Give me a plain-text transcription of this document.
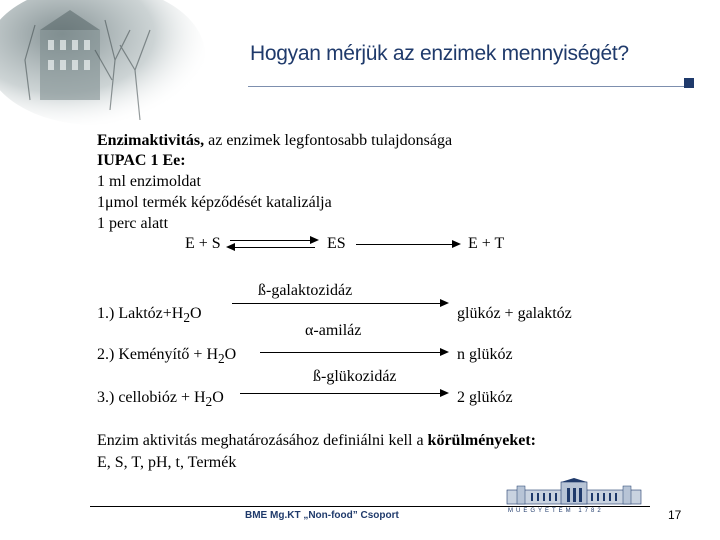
Hogyan mérjük az enzimek mennyiségét?
Enzimaktivitás, az enzimek legfontosabb tulajdonsága
IUPAC 1 Ee:
1 ml enzimoldat
1μmol termék képződését katalizálja
1 perc alatt
E + S	ES	E + T
ß-galaktozidáz
1.) $Laktóz+H_2O$	glükóz + galaktóz
α-amiláz
2.) Keményítő + $H_2O$	n glükóz
ß-glükozidáz
3.) cellobióz + $H_2O$	2 glükóz
Enzim aktivitás meghatározásához definiálni kell a körülményeket:
E, S, T, pH, t, Termék
MŰEGYETEM 1782
BME Mg.KT „Non-food” Csoport	17
